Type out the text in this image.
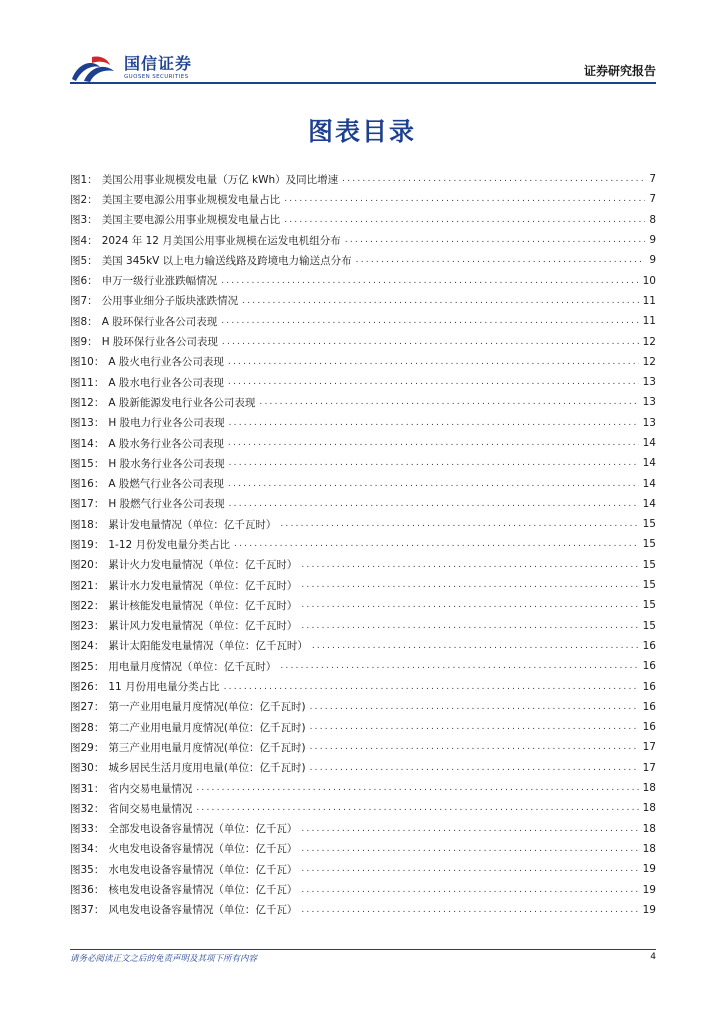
国信证券
GUOSEN SECURITIES	证券研究报告
图表目录
图1： 美国公用事业规模发电量（万亿 kWh）及同比增速 .....	7
图2： 美国主要电源公用事业规模发电量占比 .....	7
图3： 美国主要电源公用事业规模发电量占比 .....	8
图4： 2024 年 12 月美国公用事业规模在运发电机组分布 .....	9
图5： 美国 345kV 以上电力输送线路及跨境电力输送点分布 .....	9
图6： 申万一级行业涨跌幅情况 .....	10
图7： 公用事业细分子版块涨跌情况 .....	11
图8： A 股环保行业各公司表现 .....	11
图9： H 股环保行业各公司表现 .....	12
图10： A 股火电行业各公司表现 .....	12
图11： A 股水电行业各公司表现 .....	13
图12： A 股新能源发电行业各公司表现 .....	13
图13： H 股电力行业各公司表现 .....	13
图14： A 股水务行业各公司表现 .....	14
图15： H 股水务行业各公司表现 .....	14
图16： A 股燃气行业各公司表现 .....	14
图17： H 股燃气行业各公司表现 .....	14
图18： 累计发电量情况（单位：亿千瓦时） .....	15
图19： 1-12 月份发电量分类占比 .....	15
图20： 累计火力发电量情况（单位：亿千瓦时） .....	15
图21： 累计水力发电量情况（单位：亿千瓦时） .....	15
图22： 累计核能发电量情况（单位：亿千瓦时） .....	15
图23： 累计风力发电量情况（单位：亿千瓦时） .....	15
图24： 累计太阳能发电量情况（单位：亿千瓦时） .....	16
图25： 用电量月度情况（单位：亿千瓦时） .....	16
图26： 11 月份用电量分类占比 .....	16
图27： 第一产业用电量月度情况(单位：亿千瓦时) .....	16
图28： 第二产业用电量月度情况(单位：亿千瓦时) .....	16
图29： 第三产业用电量月度情况(单位：亿千瓦时) .....	17
图30： 城乡居民生活月度用电量(单位：亿千瓦时) .....	17
图31： 省内交易电量情况 .....	18
图32： 省间交易电量情况 .....	18
图33： 全部发电设备容量情况（单位：亿千瓦） .....	18
图34： 火电发电设备容量情况（单位：亿千瓦） .....	18
图35： 水电发电设备容量情况（单位：亿千瓦） .....	19
图36： 核电发电设备容量情况（单位：亿千瓦） .....	19
图37： 风电发电设备容量情况（单位：亿千瓦） .....	19
请务必阅读正文之后的免责声明及其项下所有内容	4
